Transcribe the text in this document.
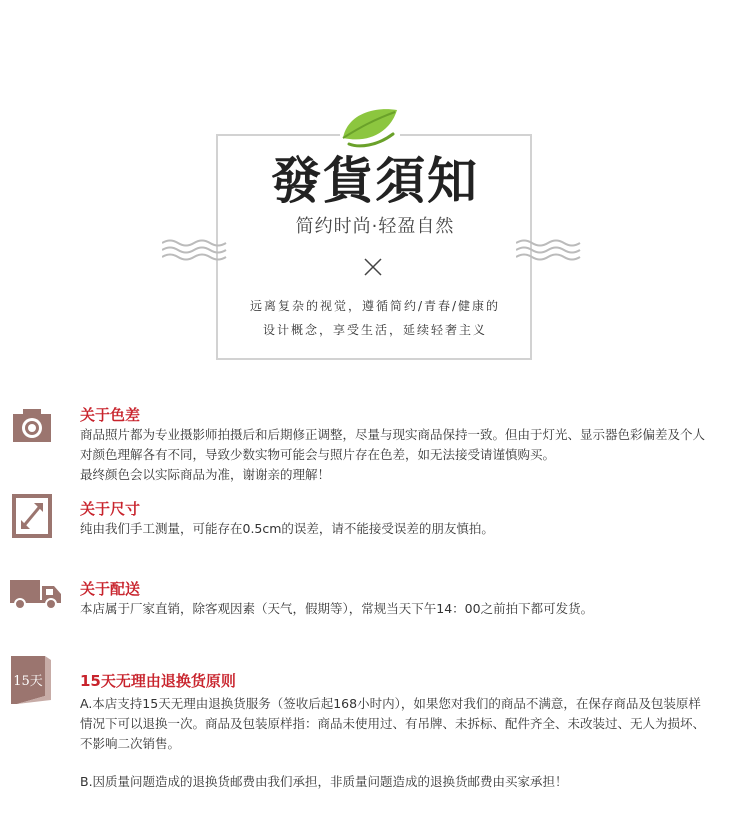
發貨須知
简约时尚·轻盈自然
远离复杂的视觉，遵循简约/青春/健康的
设计概念，享受生活，延续轻奢主义
关于色差

商品照片都为专业摄影师拍摄后和后期修正调整，尽量与现实商品保持一致。但由于灯光、显示器色彩偏差及个人

对颜色理解各有不同，导致少数实物可能会与照片存在色差，如无法接受请谨慎购买。

最终颜色会以实际商品为准，谢谢亲的理解！

关于尺寸

纯由我们手工测量，可能存在0.5cm的误差，请不能接受误差的朋友慎拍。

关于配送

本店属于厂家直销，除客观因素（天气，假期等），常规当天下午14：00之前拍下都可发货。

15天 15天无理由退换货原则

A.本店支持15天无理由退换货服务（签收后起168小时内），如果您对我们的商品不满意，在保存商品及包装原样

情况下可以退换一次。商品及包装原样指：商品未使用过、有吊牌、未拆标、配件齐全、未改装过、无人为损坏、

不影响二次销售。

B.因质量问题造成的退换货邮费由我们承担，非质量问题造成的退换货邮费由买家承担！
